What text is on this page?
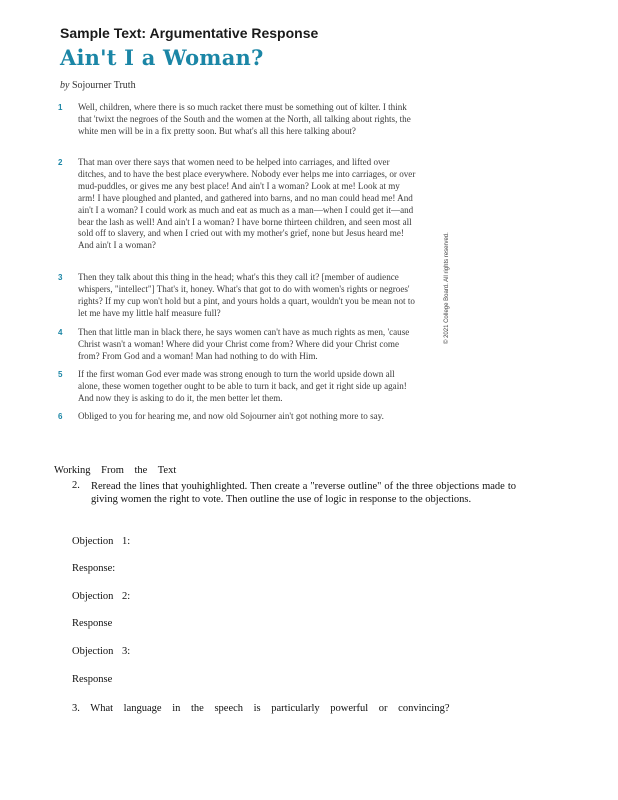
Sample Text: Argumentative Response
Ain't I a Woman?
by Sojourner Truth
1	Well, children, where there is so much racket there must be something out of kilter. I think that 'twixt the negroes of the South and the women at the North, all talking about rights, the white men will be in a fix pretty soon. But what's all this here talking about?
2	That man over there says that women need to be helped into carriages, and lifted over ditches, and to have the best place everywhere. Nobody ever helps me into carriages, or over mud-puddles, or gives me any best place! And ain't I a woman? Look at me! Look at my arm! I have ploughed and planted, and gathered into barns, and no man could head me! And ain't I a woman? I could work as much and eat as much as a man—when I could get it—and bear the lash as well! And ain't I a woman? I have borne thirteen children, and seen most all sold off to slavery, and when I cried out with my mother's grief, none but Jesus heard me! And ain't I a woman?
3	Then they talk about this thing in the head; what's this they call it? [member of audience whispers, "intellect"] That's it, honey. What's that got to do with women's rights or negroes' rights? If my cup won't hold but a pint, and yours holds a quart, wouldn't you be mean not to let me have my little half measure full?
4	Then that little man in black there, he says women can't have as much rights as men, 'cause Christ wasn't a woman! Where did your Christ come from? Where did your Christ come from? From God and a woman! Man had nothing to do with Him.
5	If the first woman God ever made was strong enough to turn the world upside down all alone, these women together ought to be able to turn it back, and get it right side up again! And now they is asking to do it, the men better let them.
6	Obliged to you for hearing me, and now old Sojourner ain't got nothing more to say.
© 2021 College Board. All rights reserved.
Working From the Text
2. Reread the lines that youhighlighted. Then create a "reverse outline" of the three objections made to giving women the right to vote. Then outline the use of logic in response to the objections.
Objection 1:
Response:
Objection 2:
Response
Objection 3:
Response
3. What language in the speech is particularly powerful or convincing?
